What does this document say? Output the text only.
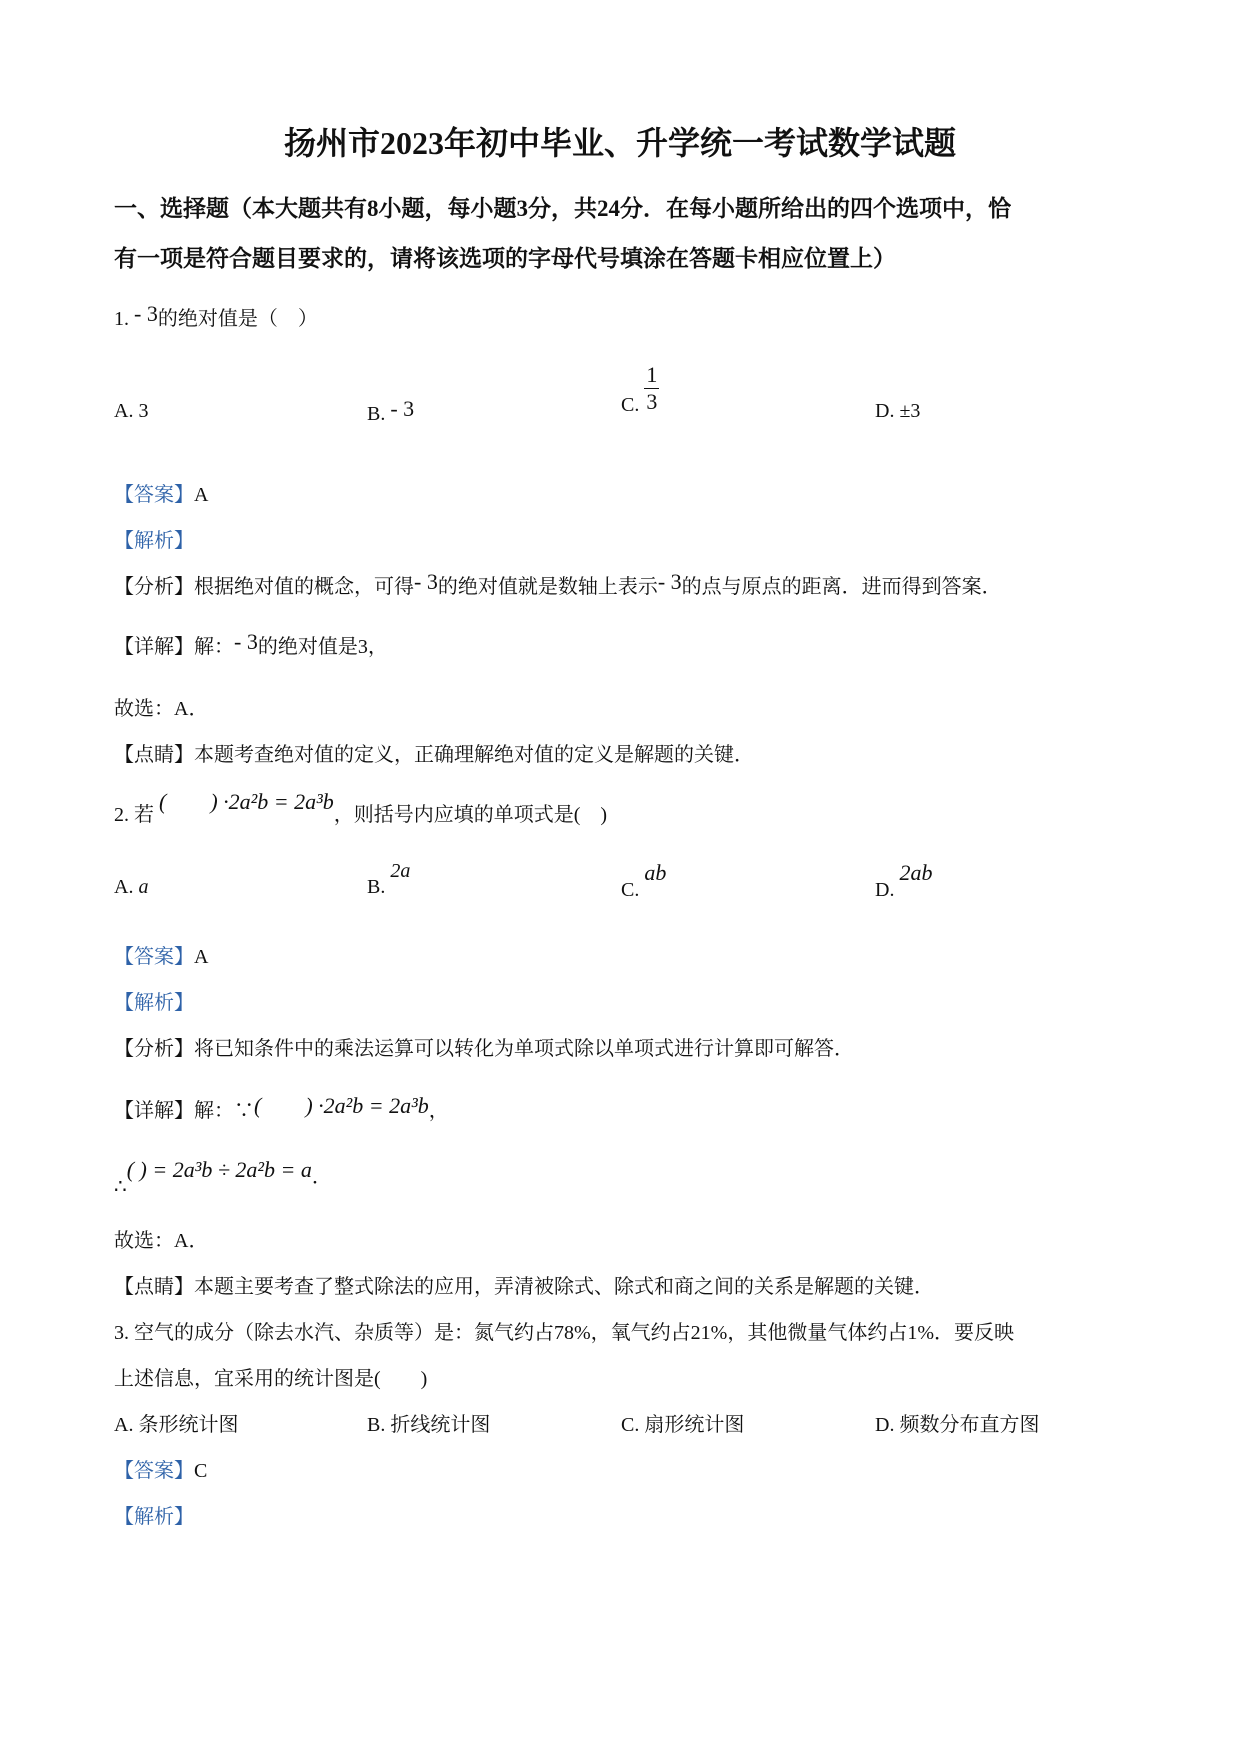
扬州市2023年初中毕业、升学统一考试数学试题
一、选择题（本大题共有8小题，每小题3分，共24分．在每小题所给出的四个选项中，恰
有一项是符合题目要求的，请将该选项的字母代号填涂在答题卡相应位置上）
1. - 3的绝对值是（　）
A. 3	B. - 3	C. $\frac{1}{3}$	D. ±3
【答案】A
【解析】
【分析】根据绝对值的概念，可得- 3的绝对值就是数轴上表示- 3的点与原点的距离．进而得到答案．
【详解】解：- 3的绝对值是3，
故选：A．
【点睛】本题考查绝对值的定义，正确理解绝对值的定义是解题的关键．
2. 若 (        ) ·2a²b = 2a³b，则括号内应填的单项式是(　)
A. a	B. 2a
C. ab
D. 2ab
【答案】A
【解析】
【分析】将已知条件中的乘法运算可以转化为单项式除以单项式进行计算即可解答．
【详解】解：∵(        ) ·2a²b = 2a³b，
∴( ) = 2a³b ÷ 2a²b = a．
故选：A．
【点睛】本题主要考查了整式除法的应用，弄清被除式、除式和商之间的关系是解题的关键．
3. 空气的成分（除去水汽、杂质等）是：氮气约占78%，氧气约占21%，其他微量气体约占1%．要反映
上述信息，宜采用的统计图是(　　)
A. 条形统计图	B. 折线统计图	C. 扇形统计图	D. 频数分布直方图
【答案】C
【解析】
